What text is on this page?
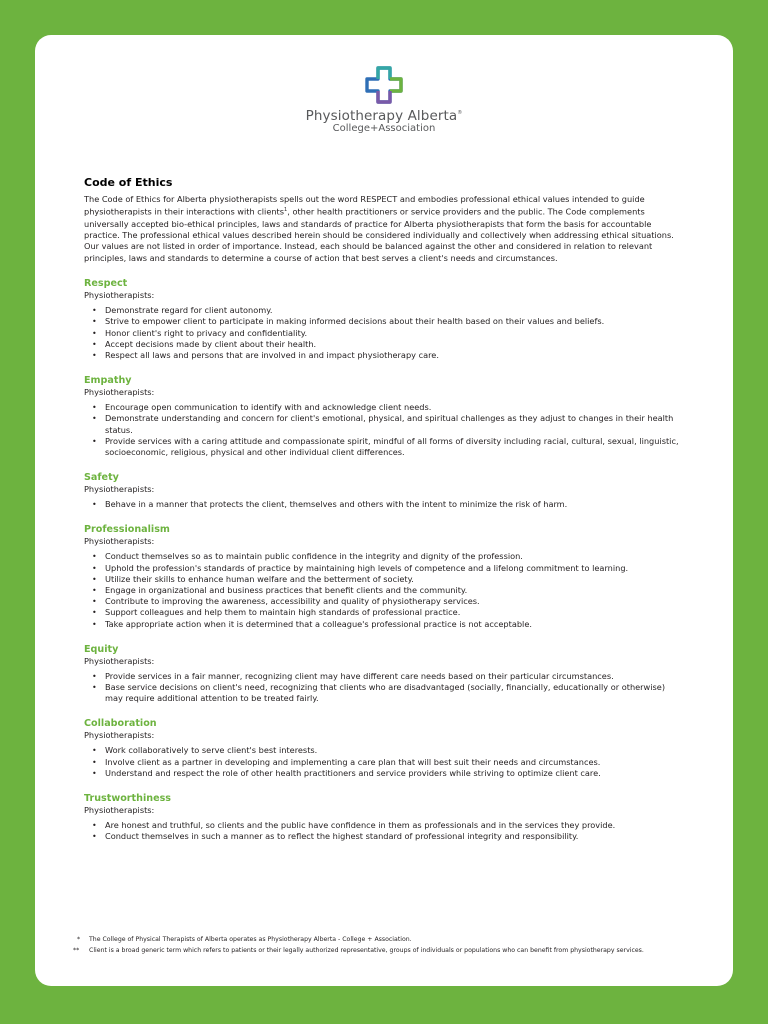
Physiotherapy Alberta®
College+Association
Code of Ethics

The Code of Ethics for Alberta physiotherapists spells out the word RESPECT and embodies professional ethical values intended to guide physiotherapists in their interactions with clients$^1$, other health practitioners or service providers and the public. The Code complements universally accepted bio-ethical principles, laws and standards of practice for Alberta physiotherapists that form the basis for accountable practice. The professional ethical values described herein should be considered individually and collectively when addressing ethical situations. Our values are not listed in order of importance. Instead, each should be balanced against the other and considered in relation to relevant principles, laws and standards to determine a course of action that best serves a client's needs and circumstances.

Respect

Physiotherapists:

• Demonstrate regard for client autonomy.
• Strive to empower client to participate in making informed decisions about their health based on their values and beliefs.
• Honor client's right to privacy and confidentiality.
• Accept decisions made by client about their health.
• Respect all laws and persons that are involved in and impact physiotherapy care.
Empathy

Physiotherapists:

• Encourage open communication to identify with and acknowledge client needs.
• Demonstrate understanding and concern for client's emotional, physical, and spiritual challenges as they adjust to changes in their health status.
• Provide services with a caring attitude and compassionate spirit, mindful of all forms of diversity including racial, cultural, sexual, linguistic, socioeconomic, religious, physical and other individual client differences.
Safety

Physiotherapists:

• Behave in a manner that protects the client, themselves and others with the intent to minimize the risk of harm.
Professionalism

Physiotherapists:

• Conduct themselves so as to maintain public confidence in the integrity and dignity of the profession.
• Uphold the profession's standards of practice by maintaining high levels of competence and a lifelong commitment to learning.
• Utilize their skills to enhance human welfare and the betterment of society.
• Engage in organizational and business practices that benefit clients and the community.
• Contribute to improving the awareness, accessibility and quality of physiotherapy services.
• Support colleagues and help them to maintain high standards of professional practice.
• Take appropriate action when it is determined that a colleague's professional practice is not acceptable.
Equity

Physiotherapists:

• Provide services in a fair manner, recognizing client may have different care needs based on their particular circumstances.
• Base service decisions on client's need, recognizing that clients who are disadvantaged (socially, financially, educationally or otherwise) may require additional attention to be treated fairly.
Collaboration

Physiotherapists:

• Work collaboratively to serve client's best interests.
• Involve client as a partner in developing and implementing a care plan that will best suit their needs and circumstances.
• Understand and respect the role of other health practitioners and service providers while striving to optimize client care.
Trustworthiness

Physiotherapists:

• Are honest and truthful, so clients and the public have confidence in them as professionals and in the services they provide.
• Conduct themselves in such a manner as to reflect the highest standard of professional integrity and responsibility.
* The College of Physical Therapists of Alberta operates as Physiotherapy Alberta - College + Association.
** Client is a broad generic term which refers to patients or their legally authorized representative, groups of individuals or populations who can benefit from physiotherapy services.
